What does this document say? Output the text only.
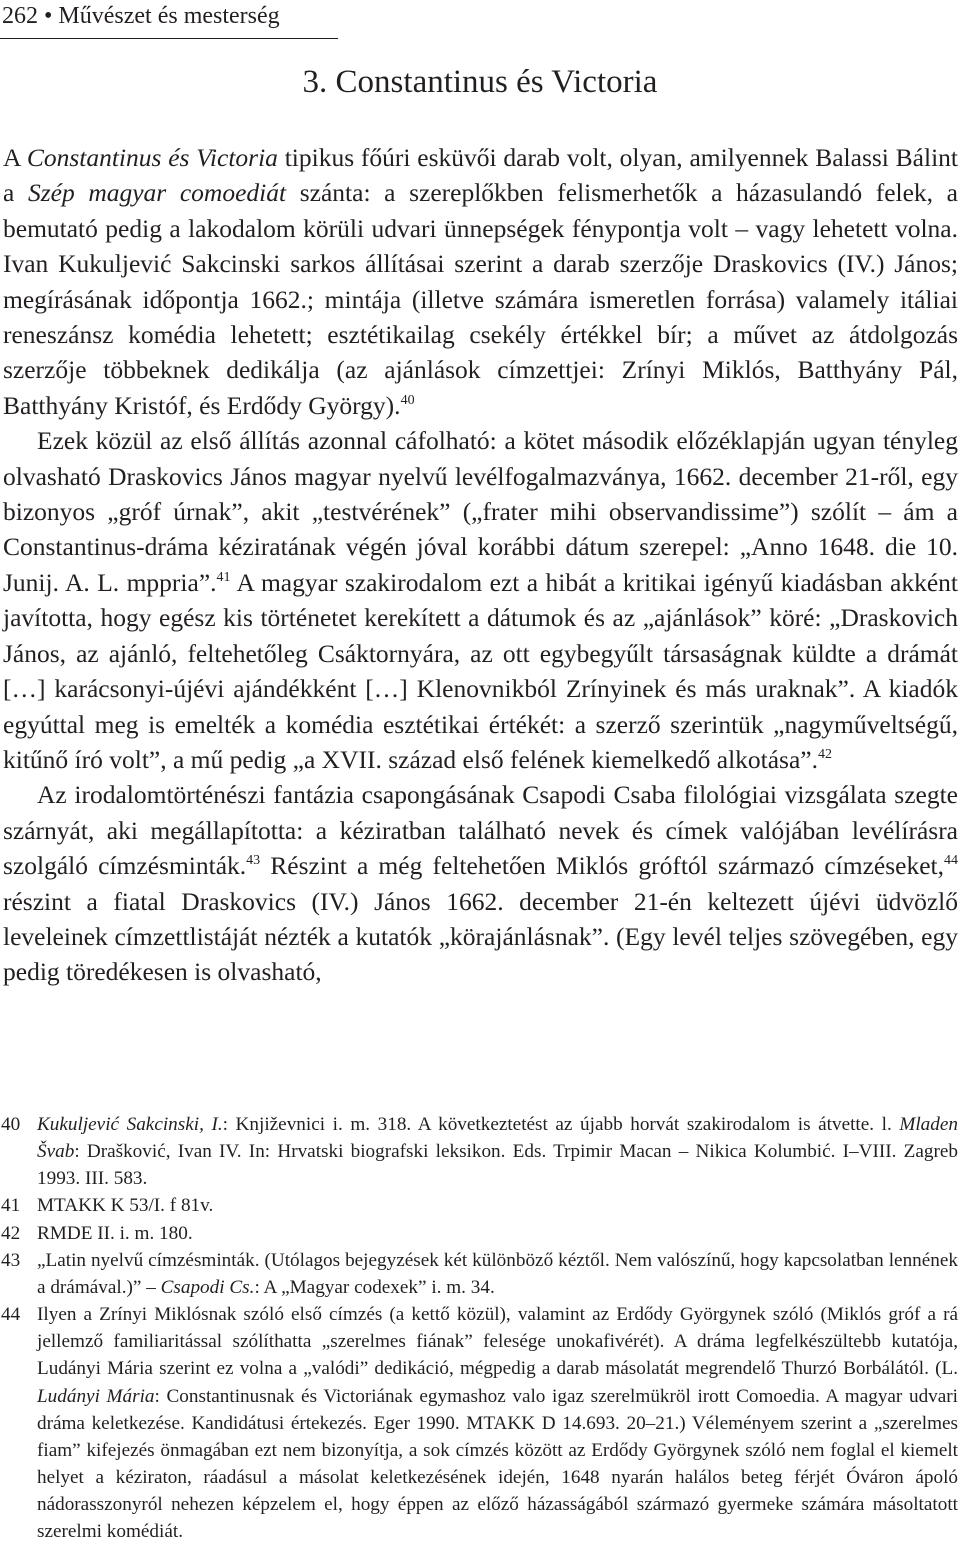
262 • Művészet és mesterség
3. Constantinus és Victoria

A Constantinus és Victoria tipikus főúri esküvői darab volt, olyan, amilyennek Balassi Bálint a Szép magyar comoediát szánta: a szereplőkben felismerhetők a házasulandó felek, a bemutató pedig a lakodalom körüli udvari ünnepségek fénypontja volt – vagy lehetett volna. Ivan Kukuljević Sakcinski sarkos állításai szerint a darab szerzője Draskovics (IV.) János; megírásának időpontja 1662.; mintája (illetve számára ismeretlen forrása) valamely itáliai reneszánsz komédia lehetett; esztétikailag csekély értékkel bír; a művet az átdolgozás szerzője többeknek dedikálja (az ajánlások címzettjei: Zrínyi Miklós, Batthyány Pál, Batthyány Kristóf, és Erdődy György).$^{40}$

Ezek közül az első állítás azonnal cáfolható: a kötet második előzéklapján ugyan tényleg olvasható Draskovics János magyar nyelvű levélfogalmazványa, 1662. december 21-ről, egy bizonyos „gróf úrnak”, akit „testvérének” („frater mihi observandissime”) szólít – ám a Constantinus-dráma kéziratának végén jóval korábbi dátum szerepel: „Anno 1648. die 10. Junij. A. L. mppria”.$^{41}$ A magyar szakirodalom ezt a hibát a kritikai igényű kiadásban akként javította, hogy egész kis történetet kerekített a dátumok és az „ajánlások” köré: „Draskovich János, az ajánló, feltehetőleg Csáktornyára, az ott egybegyűlt társaságnak küldte a drámát […] karácsonyi-újévi ajándékként […] Klenovnikból Zrínyinek és más uraknak”. A kiadók egyúttal meg is emelték a komédia esztétikai értékét: a szerző szerintük „nagyműveltségű, kitűnő író volt”, a mű pedig „a XVII. század első felének kiemelkedő alkotása”.$^{42}$

Az irodalomtörténészi fantázia csapongásának Csapodi Csaba filológiai vizsgálata szegte szárnyát, aki megállapította: a kéziratban található nevek és címek valójában levélírásra szolgáló címzésminták.$^{43}$ Részint a még feltehetően Miklós gróftól származó címzéseket,$^{44}$ részint a fiatal Draskovics (IV.) János 1662. december 21-én keltezett újévi üdvözlő leveleinek címzettlistáját nézték a kutatók „körajánlásnak”. (Egy levél teljes szövegében, egy pedig töredékesen is olvasható,

40 Kukuljević Sakcinski, I.: Književnici i. m. 318. A következtetést az újabb horvát szakirodalom is átvette. l. Mladen Švab: Drašković, Ivan IV. In: Hrvatski biografski leksikon. Eds. Trpimir Macan – Nikica Kolumbić. I–VIII. Zagreb 1993. III. 583.
41 MTAKK K 53/I. f 81v.
42 RMDE II. i. m. 180.
43 „Latin nyelvű címzésminták. (Utólagos bejegyzések két különböző kéztől. Nem valószínű, hogy kapcsolatban lennének a drámával.)” – Csapodi Cs.: A „Magyar codexek” i. m. 34.
44 Ilyen a Zrínyi Miklósnak szóló első címzés (a kettő közül), valamint az Erdődy Györgynek szóló (Miklós gróf a rá jellemző familiaritással szólíthatta „szerelmes fiának” felesége unokafivérét). A dráma legfelkészültebb kutatója, Ludányi Mária szerint ez volna a „valódi” dedikáció, mégpedig a darab másolatát megrendelő Thurzó Borbálától. (L. Ludányi Mária: Constantinusnak és Victoriának egymashoz valo igaz szerelmükröl irott Comoedia. A magyar udvari dráma keletkezése. Kandidátusi értekezés. Eger 1990. MTAKK D 14.693. 20–21.) Véleményem szerint a „szerelmes fiam” kifejezés önmagában ezt nem bizonyítja, a sok címzés között az Erdődy Györgynek szóló nem foglal el kiemelt helyet a kéziraton, ráadásul a másolat keletkezésének idején, 1648 nyarán halálos beteg férjét Óváron ápoló nádorasszonyról nehezen képzelem el, hogy éppen az előző házasságából származó gyermeke számára másoltatott szerelmi komédiát.
